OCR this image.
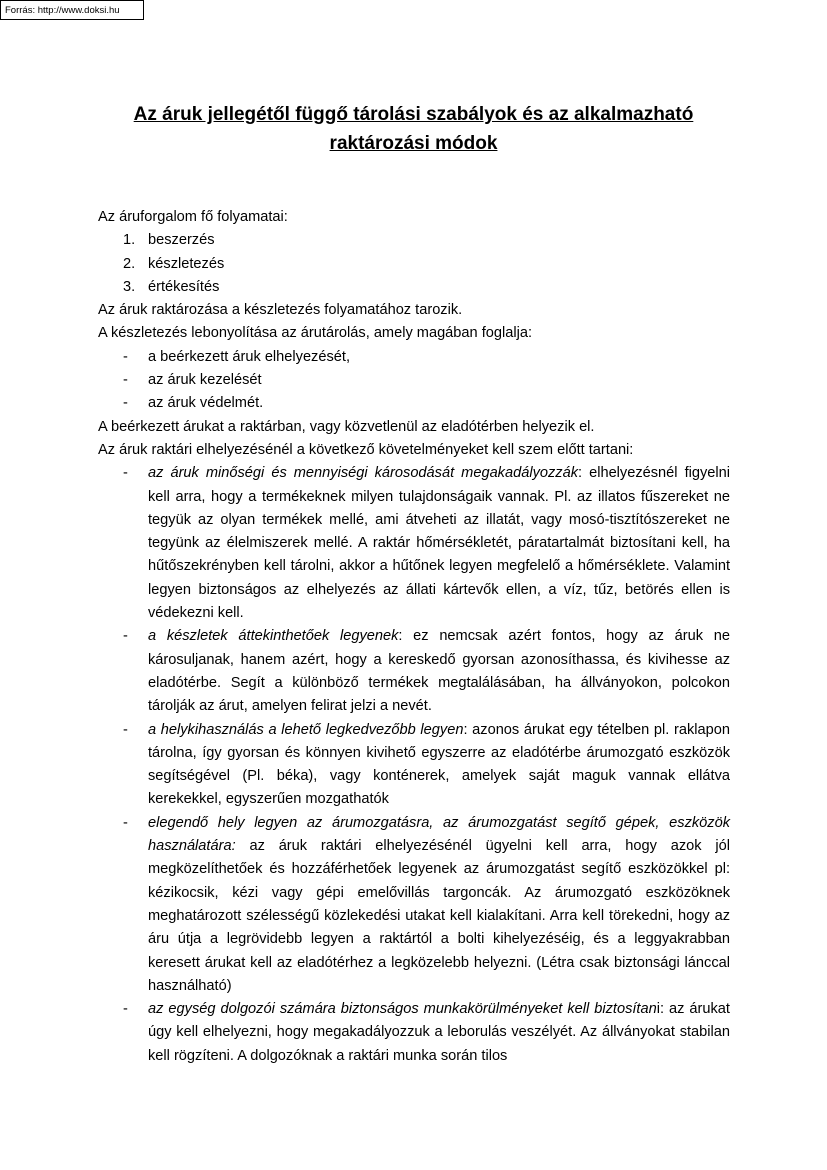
Forrás: http://www.doksi.hu
Az áruk jellegétől függő tárolási szabályok és az alkalmazható
raktározási módok

Az áruforgalom fő folyamatai:

1. beszerzés
2. készletezés
3. értékesítés

Az áruk raktározása a készletezés folyamatához tarozik.

A készletezés lebonyolítása az árutárolás, amely magában foglalja:

- a beérkezett áruk elhelyezését,
- az áruk kezelését
- az áruk védelmét.

A beérkezett árukat a raktárban, vagy közvetlenül az eladótérben helyezik el.

Az áruk raktári elhelyezésénél a következő követelményeket kell szem előtt tartani:

- az áruk minőségi és mennyiségi károsodását megakadályozzák: elhelyezésnél figyelni kell arra, hogy a termékeknek milyen tulajdonságaik vannak. Pl. az illatos fűszereket ne tegyük az olyan termékek mellé, ami átveheti az illatát, vagy mosó-tisztítószereket ne tegyünk az élelmiszerek mellé. A raktár hőmérsékletét, páratartalmát biztosítani kell, ha hűtőszekrényben kell tárolni, akkor a hűtőnek legyen megfelelő a hőmérséklete. Valamint legyen biztonságos az elhelyezés az állati kártevők ellen, a víz, tűz, betörés ellen is védekezni kell.
- a készletek áttekinthetőek legyenek: ez nemcsak azért fontos, hogy az áruk ne károsuljanak, hanem azért, hogy a kereskedő gyorsan azonosíthassa, és kivihesse az eladótérbe. Segít a különböző termékek megtalálásában, ha állványokon, polcokon tárolják az árut, amelyen felirat jelzi a nevét.
- a helykihasználás a lehető legkedvezőbb legyen: azonos árukat egy tételben pl. raklapon tárolna, így gyorsan és könnyen kivihető egyszerre az eladótérbe árumozgató eszközök segítségével (Pl. béka), vagy konténerek, amelyek saját maguk vannak ellátva kerekekkel, egyszerűen mozgathatók
- elegendő hely legyen az árumozgatásra, az árumozgatást segítő gépek, eszközök használatára: az áruk raktári elhelyezésénél ügyelni kell arra, hogy azok jól megközelíthetőek és hozzáférhetőek legyenek az árumozgatást segítő eszközökkel pl: kézikocsik, kézi vagy gépi emelővillás targoncák. Az árumozgató eszközöknek meghatározott szélességű közlekedési utakat kell kialakítani. Arra kell törekedni, hogy az áru útja a legrövidebb legyen a raktártól a bolti kihelyezéséig, és a leggyakrabban keresett árukat kell az eladótérhez a legközelebb helyezni. (Létra csak biztonsági lánccal használható)
- az egység dolgozói számára biztonságos munkakörülményeket kell biztosítani: az árukat úgy kell elhelyezni, hogy megakadályozzuk a leborulás veszélyét. Az állványokat stabilan kell rögzíteni. A dolgozóknak a raktári munka során tilos
